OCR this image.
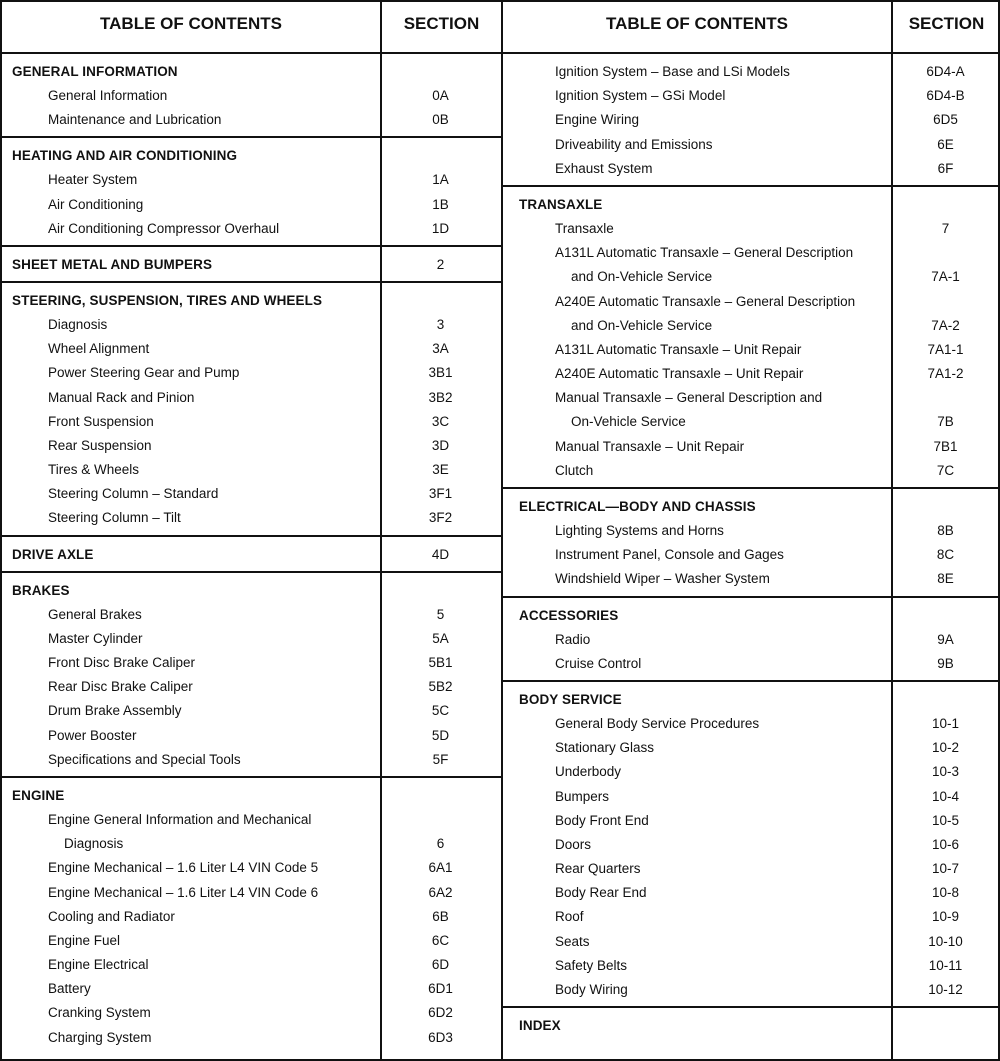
TABLE OF CONTENTS	SECTION
GENERAL INFORMATION
General Information	0A
Maintenance and Lubrication	0B
HEATING AND AIR CONDITIONING
Heater System	1A
Air Conditioning	1B
Air Conditioning Compressor Overhaul	1D
SHEET METAL AND BUMPERS	2
STEERING, SUSPENSION, TIRES AND WHEELS
Diagnosis	3
Wheel Alignment	3A
Power Steering Gear and Pump	3B1
Manual Rack and Pinion	3B2
Front Suspension	3C
Rear Suspension	3D
Tires & Wheels	3E
Steering Column – Standard	3F1
Steering Column – Tilt	3F2
DRIVE AXLE	4D
BRAKES
General Brakes	5
Master Cylinder	5A
Front Disc Brake Caliper	5B1
Rear Disc Brake Caliper	5B2
Drum Brake Assembly	5C
Power Booster	5D
Specifications and Special Tools	5F
ENGINE
Engine General Information and Mechanical
Diagnosis	6
Engine Mechanical – 1.6 Liter L4 VIN Code 5	6A1
Engine Mechanical – 1.6 Liter L4 VIN Code 6	6A2
Cooling and Radiator	6B
Engine Fuel	6C
Engine Electrical	6D
Battery	6D1
Cranking System	6D2
Charging System	6D3
TABLE OF CONTENTS	SECTION
Ignition System – Base and LSi Models	6D4-A
Ignition System – GSi Model	6D4-B
Engine Wiring	6D5
Driveability and Emissions	6E
Exhaust System	6F
TRANSAXLE
Transaxle	7
A131L Automatic Transaxle – General Description
and On-Vehicle Service	7A-1
A240E Automatic Transaxle – General Description
and On-Vehicle Service	7A-2
A131L Automatic Transaxle – Unit Repair	7A1-1
A240E Automatic Transaxle – Unit Repair	7A1-2
Manual Transaxle – General Description and
On-Vehicle Service	7B
Manual Transaxle – Unit Repair	7B1
Clutch	7C
ELECTRICAL—BODY AND CHASSIS
Lighting Systems and Horns	8B
Instrument Panel, Console and Gages	8C
Windshield Wiper – Washer System	8E
ACCESSORIES
Radio	9A
Cruise Control	9B
BODY SERVICE
General Body Service Procedures	10-1
Stationary Glass	10-2
Underbody	10-3
Bumpers	10-4
Body Front End	10-5
Doors	10-6
Rear Quarters	10-7
Body Rear End	10-8
Roof	10-9
Seats	10-10
Safety Belts	10-11
Body Wiring	10-12
INDEX
